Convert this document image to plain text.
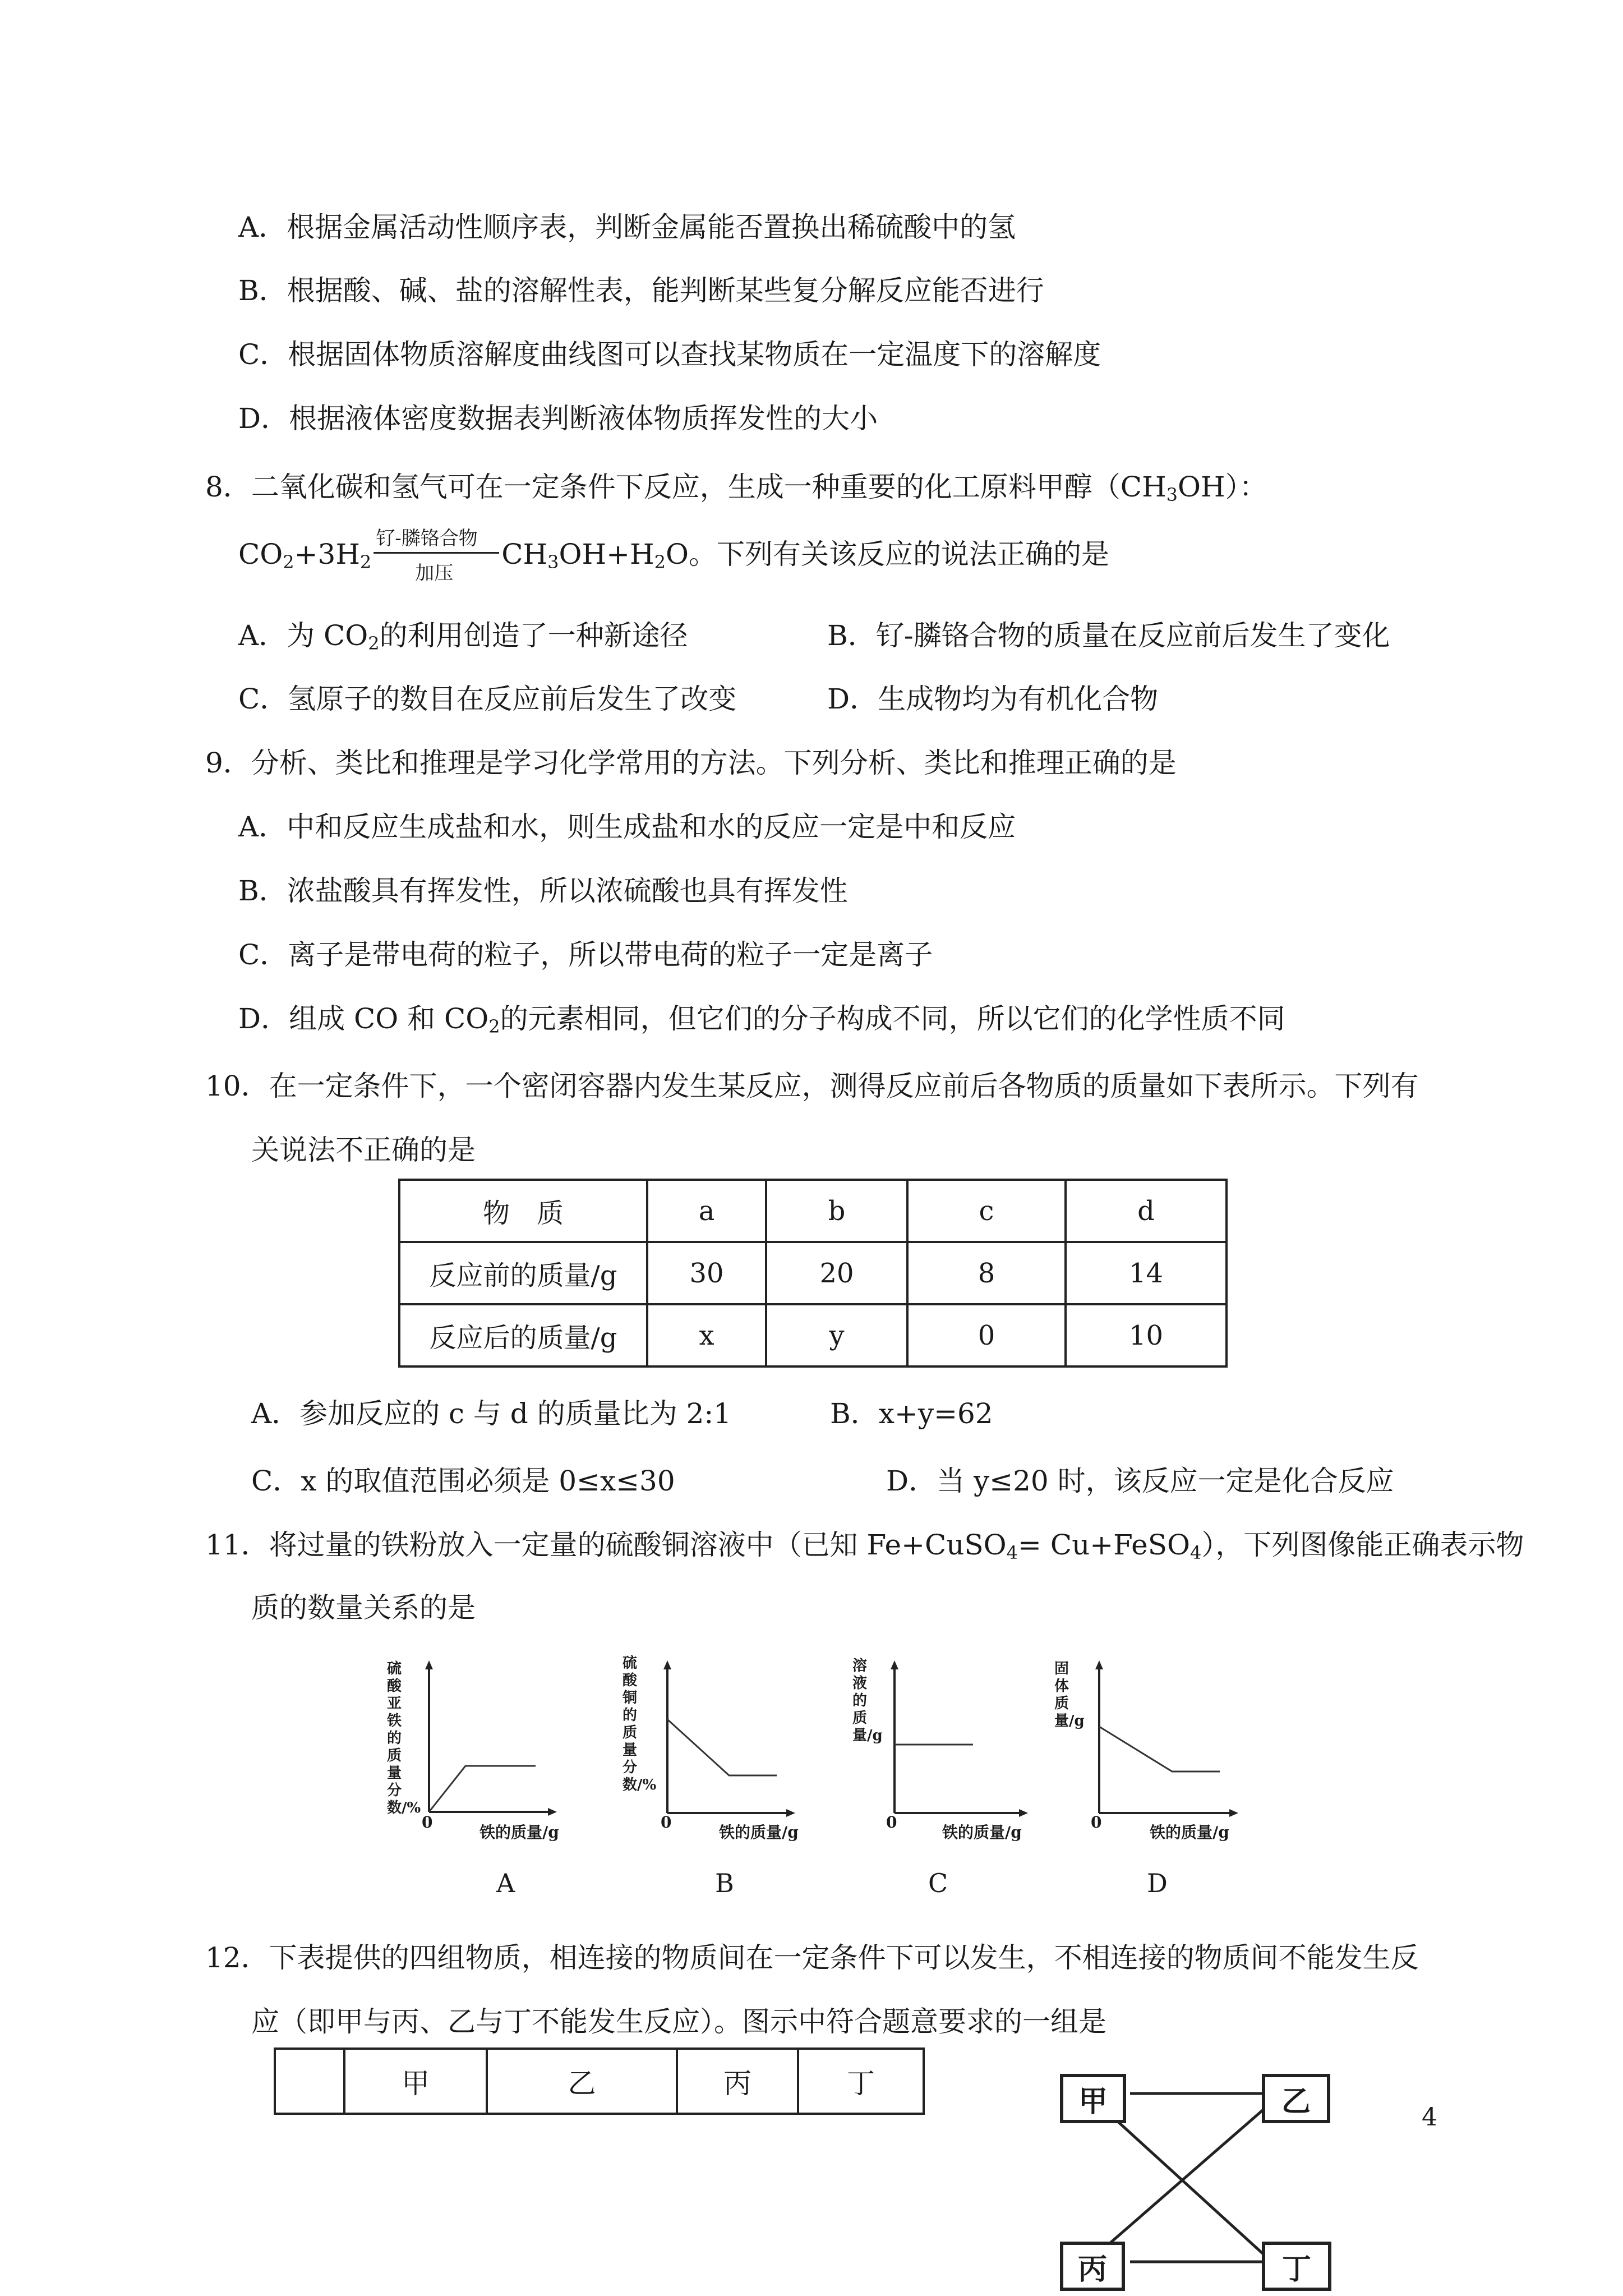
A．根据金属活动性顺序表，判断金属能否置换出稀硫酸中的氢
B．根据酸、碱、盐的溶解性表，能判断某些复分解反应能否进行
C．根据固体物质溶解度曲线图可以查找某物质在一定温度下的溶解度
D．根据液体密度数据表判断液体物质挥发性的大小
8．二氧化碳和氢气可在一定条件下反应，生成一种重要的化工原料甲醇$(CH_3OH)$：
$CO_2+3H_2$
钌-膦铬合物
加压
$CH_3OH+H_2O$。下列有关该反应的说法正确的是
A．为 $CO_2$的利用创造了一种新途径	B．钌-膦铬合物的质量在反应前后发生了变化
C．氢原子的数目在反应前后发生了改变	D．生成物均为有机化合物
9．分析、类比和推理是学习化学常用的方法。下列分析、类比和推理正确的是
A．中和反应生成盐和水，则生成盐和水的反应一定是中和反应
B．浓盐酸具有挥发性，所以浓硫酸也具有挥发性
C．离子是带电荷的粒子，所以带电荷的粒子一定是离子
D．组成 CO 和 $CO_2$的元素相同，但它们的分子构成不同，所以它们的化学性质不同
10．在一定条件下，一个密闭容器内发生某反应，测得反应前后各物质的质量如下表所示。下列有
关说法不正确的是
物　质	a	b	c	d
反应前的质量/g	30	20	8	14
反应后的质量/g	x	y	0	10
A．参加反应的 c 与 d 的质量比为 2:1	B．x+y=62
C．x 的取值范围必须是 0≤x≤30	D．当 y≤20 时，该反应一定是化合反应
11．将过量的铁粉放入一定量的硫酸铜溶液中（已知 Fe+CuSO$_4$= Cu+FeSO$_4$），下列图像能正确表示物
质的数量关系的是
硫酸亚铁的质量分数/%
0
铁的质量/g
A
硫酸铜的质量分数/%
0
铁的质量/g
B
溶液的质量/g
0
铁的质量/g
C
固体质量/g
0
铁的质量/g
D
12．下表提供的四组物质，相连接的物质间在一定条件下可以发生，不相连接的物质间不能发生反
应（即甲与丙、乙与丁不能发生反应）。图示中符合题意要求的一组是
	甲	乙	丙	丁
甲	乙
丙	丁
4
